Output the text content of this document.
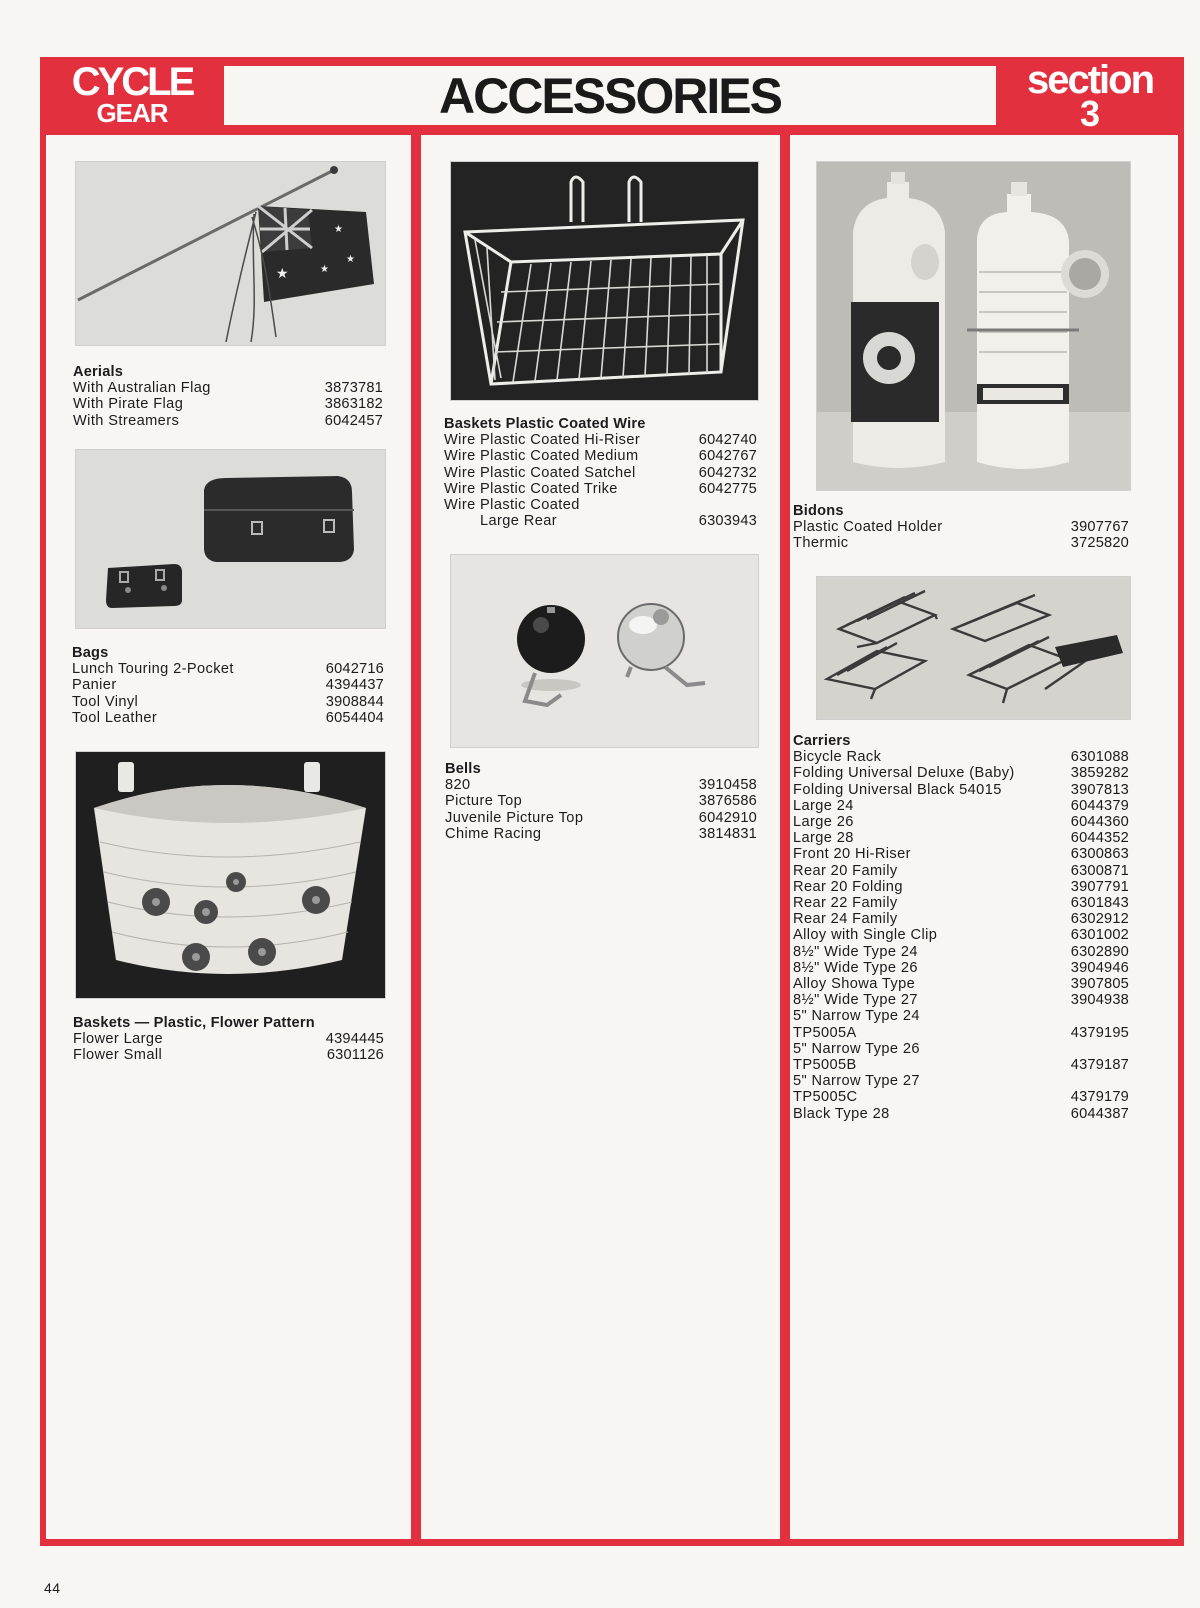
CYCLE
GEAR	ACCESSORIES	section
3
★
★
★
★
Aerials
With Australian Flag	3873781
With Pirate Flag	3863182
With Streamers	6042457
Bags
Lunch Touring 2-Pocket	6042716
Panier	4394437
Tool Vinyl	3908844
Tool Leather	6054404
Baskets — Plastic, Flower Pattern
Flower Large	4394445
Flower Small	6301126
Baskets Plastic Coated Wire
Wire Plastic Coated Hi-Riser	6042740
Wire Plastic Coated Medium	6042767
Wire Plastic Coated Satchel	6042732
Wire Plastic Coated Trike	6042775
Wire Plastic Coated
Large Rear	6303943
Bells
820	3910458
Picture Top	3876586
Juvenile Picture Top	6042910
Chime Racing	3814831
Bidons
Plastic Coated Holder	3907767
Thermic	3725820
Carriers
Bicycle Rack	6301088
Folding Universal Deluxe (Baby)	3859282
Folding Universal Black 54015	3907813
Large 24	6044379
Large 26	6044360
Large 28	6044352
Front 20 Hi-Riser	6300863
Rear 20 Family	6300871
Rear 20 Folding	3907791
Rear 22 Family	6301843
Rear 24 Family	6302912
Alloy with Single Clip	6301002
8½" Wide Type 24	6302890
8½" Wide Type 26	3904946
Alloy Showa Type	3907805
8½" Wide Type 27	3904938
5" Narrow Type 24
TP5005A	4379195
5" Narrow Type 26
TP5005B	4379187
5" Narrow Type 27
TP5005C	4379179
Black Type 28	6044387
44
